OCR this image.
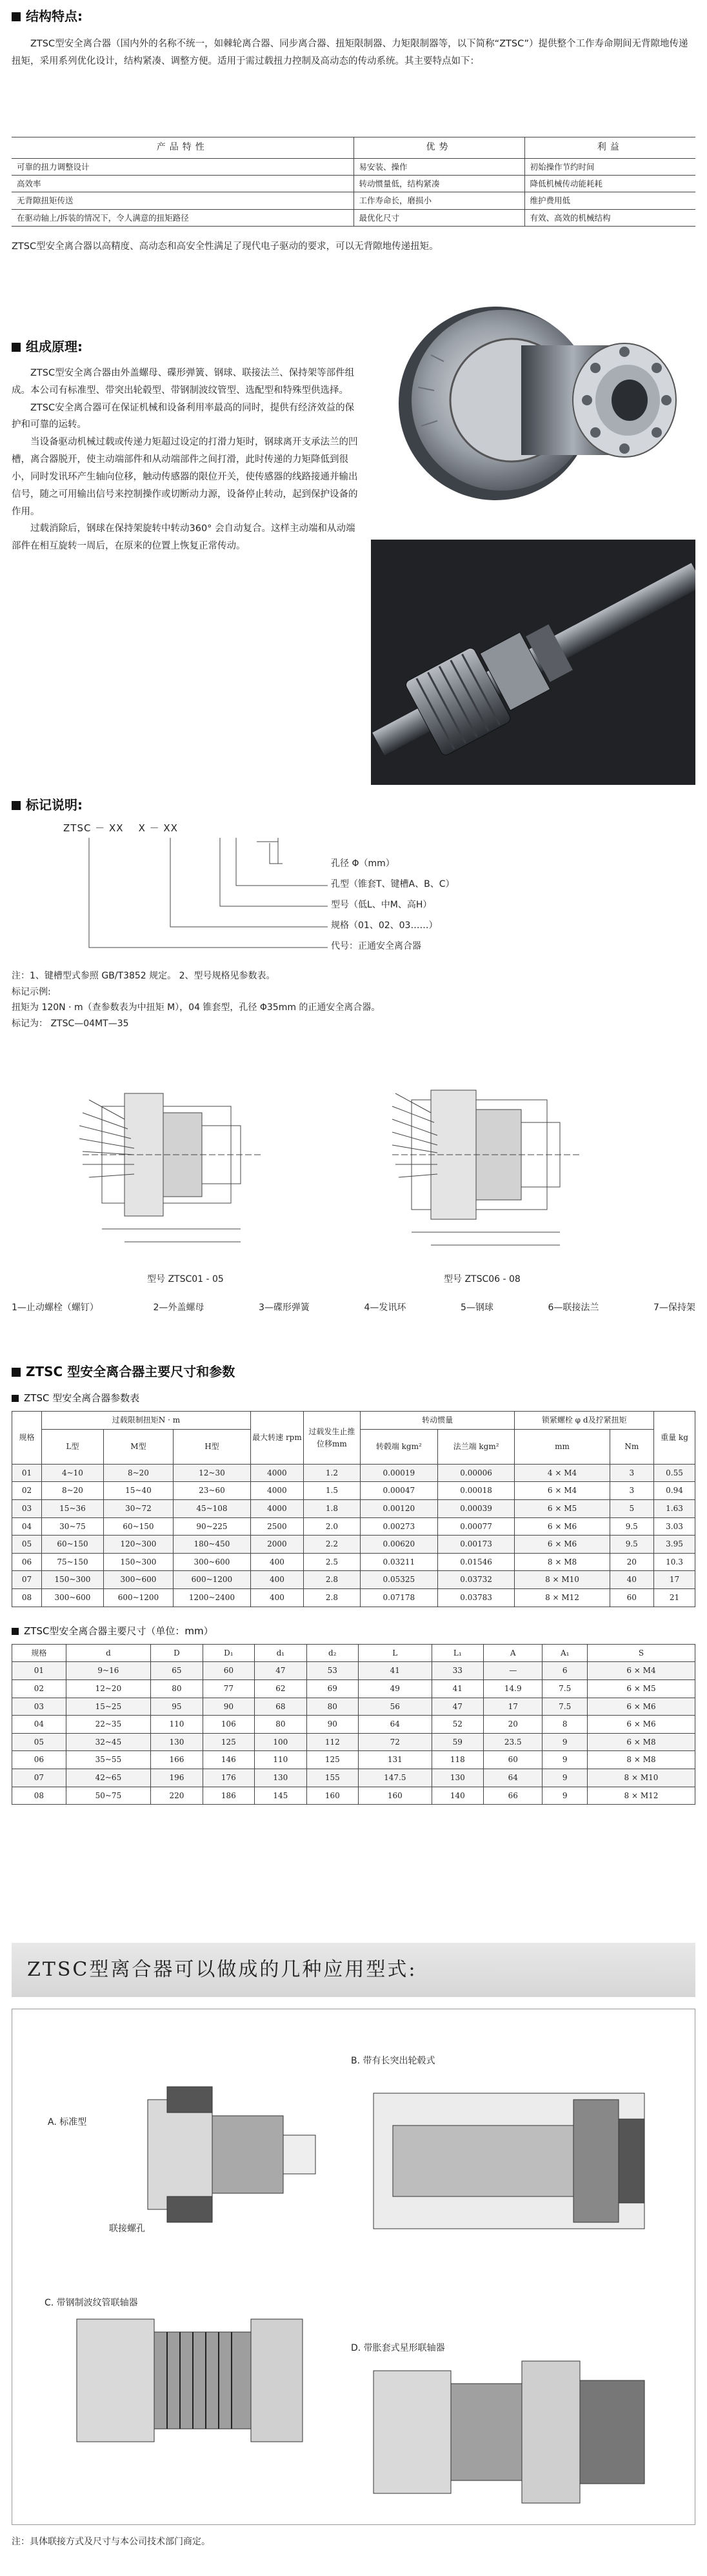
结构特点:

ZTSC型安全离合器（国内外的名称不统一，如棘轮离合器、同步离合器、扭矩限制器、力矩限制器等，以下简称“ZTSC”）提供整个工作寿命期间无背隙地传递扭矩，采用系列优化设计，结构紧凑、调整方便。适用于需过载扭力控制及高动态的传动系统。其主要特点如下：

产品特性	优势	利益
可靠的扭力调整设计	易安装、操作	初始操作节约时间
高效率	转动惯量低，结构紧凑	降低机械传动能耗耗
无背隙扭矩传送	工作寿命长，磨损小	维护费用低
在驱动轴上/拆装的情况下，令人满意的扭矩路径	最优化尺寸	有效、高效的机械结构

ZTSC型安全离合器以高精度、高动态和高安全性满足了现代电子驱动的要求，可以无背隙地传递扭矩。

组成原理:

ZTSC型安全离合器由外盖螺母、碟形弹簧、钢球、联接法兰、保持架等部件组成。本公司有标准型、带突出轮毂型、带钢制波纹管型、选配型和特殊型供选择。

ZTSC安全离合器可在保证机械和设备利用率最高的同时，提供有经济效益的保护和可靠的运转。

当设备驱动机械过载或传递力矩超过设定的打滑力矩时，钢球离开支承法兰的凹槽，离合器脱开，使主动端部件和从动端部件之间打滑，此时传递的力矩降低到很小，同时发讯环产生轴向位移，触动传感器的限位开关，使传感器的线路接通并输出信号，随之可用输出信号来控制操作或切断动力源，设备停止转动，起到保护设备的作用。

过载消除后，钢球在保持架旋转中转动360° 会自动复合。这样主动端和从动端部件在相互旋转一周后，在原来的位置上恢复正常传动。

标记说明:
ZTSC － XX    X － XX
孔径 Φ（mm）
孔型（锥套T、键槽A、B、C）
型号（低L、中M、高H）
规格（01、02、03……）
代号：正通安全离合器
注：1、键槽型式参照 GB/T3852 规定。 2、型号规格见参数表。
标记示例:
扭矩为 120N · m（查参数表为中扭矩 M），04 锥套型，孔径 Φ35mm 的正通安全离合器。
标记为： ZTSC—04MT—35
型号 ZTSC01 - 05	型号 ZTSC06 - 08
1—止动螺栓（螺钉）	2—外盖螺母	3—碟形弹簧	4—发讯环	5—钢球	6—联接法兰	7—保持架
ZTSC 型安全离合器主要尺寸和参数
ZTSC 型安全离合器参数表
规格	过载限制扭矩N · m			最大转速 rpm	过载发生止推位移mm	转动惯量		锁紧螺栓 φ d及拧紧扭矩		重量 kg
	L型	M型	H型			转毂端 kgm²	法兰端 kgm²	mm	Nm	
01	4~10	8~20	12~30	4000	1.2	0.00019	0.00006	4 × M4	3	0.55
02	8~20	15~40	23~60	4000	1.5	0.00047	0.00018	6 × M4	3	0.94
03	15~36	30~72	45~108	4000	1.8	0.00120	0.00039	6 × M5	5	1.63
04	30~75	60~150	90~225	2500	2.0	0.00273	0.00077	6 × M6	9.5	3.03
05	60~150	120~300	180~450	2000	2.2	0.00620	0.00173	6 × M6	9.5	3.95
06	75~150	150~300	300~600	400	2.5	0.03211	0.01546	8 × M8	20	10.3
07	150~300	300~600	600~1200	400	2.8	0.05325	0.03732	8 × M10	40	17
08	300~600	600~1200	1200~2400	400	2.8	0.07178	0.03783	8 × M12	60	21
ZTSC型安全离合器主要尺寸（单位：mm）
规格	d	D	D₁	d₁	d₂	L	L₁	A	A₁	S
01	9~16	65	60	47	53	41	33	—	6	6 × M4
02	12~20	80	77	62	69	49	41	14.9	7.5	6 × M5
03	15~25	95	90	68	80	56	47	17	7.5	6 × M6
04	22~35	110	106	80	90	64	52	20	8	6 × M6
05	32~45	130	125	100	112	72	59	23.5	9	6 × M8
06	35~55	166	146	110	125	131	118	60	9	8 × M8
07	42~65	196	176	130	155	147.5	130	64	9	8 × M10
08	50~75	220	186	145	160	160	140	66	9	8 × M12
ZTSC型离合器可以做成的几种应用型式:
A. 标准型
联接螺孔
B. 带有长突出轮毂式
C. 带钢制波纹管联轴器
D. 带胀套式星形联轴器
注：具体联接方式及尺寸与本公司技术部门商定。
